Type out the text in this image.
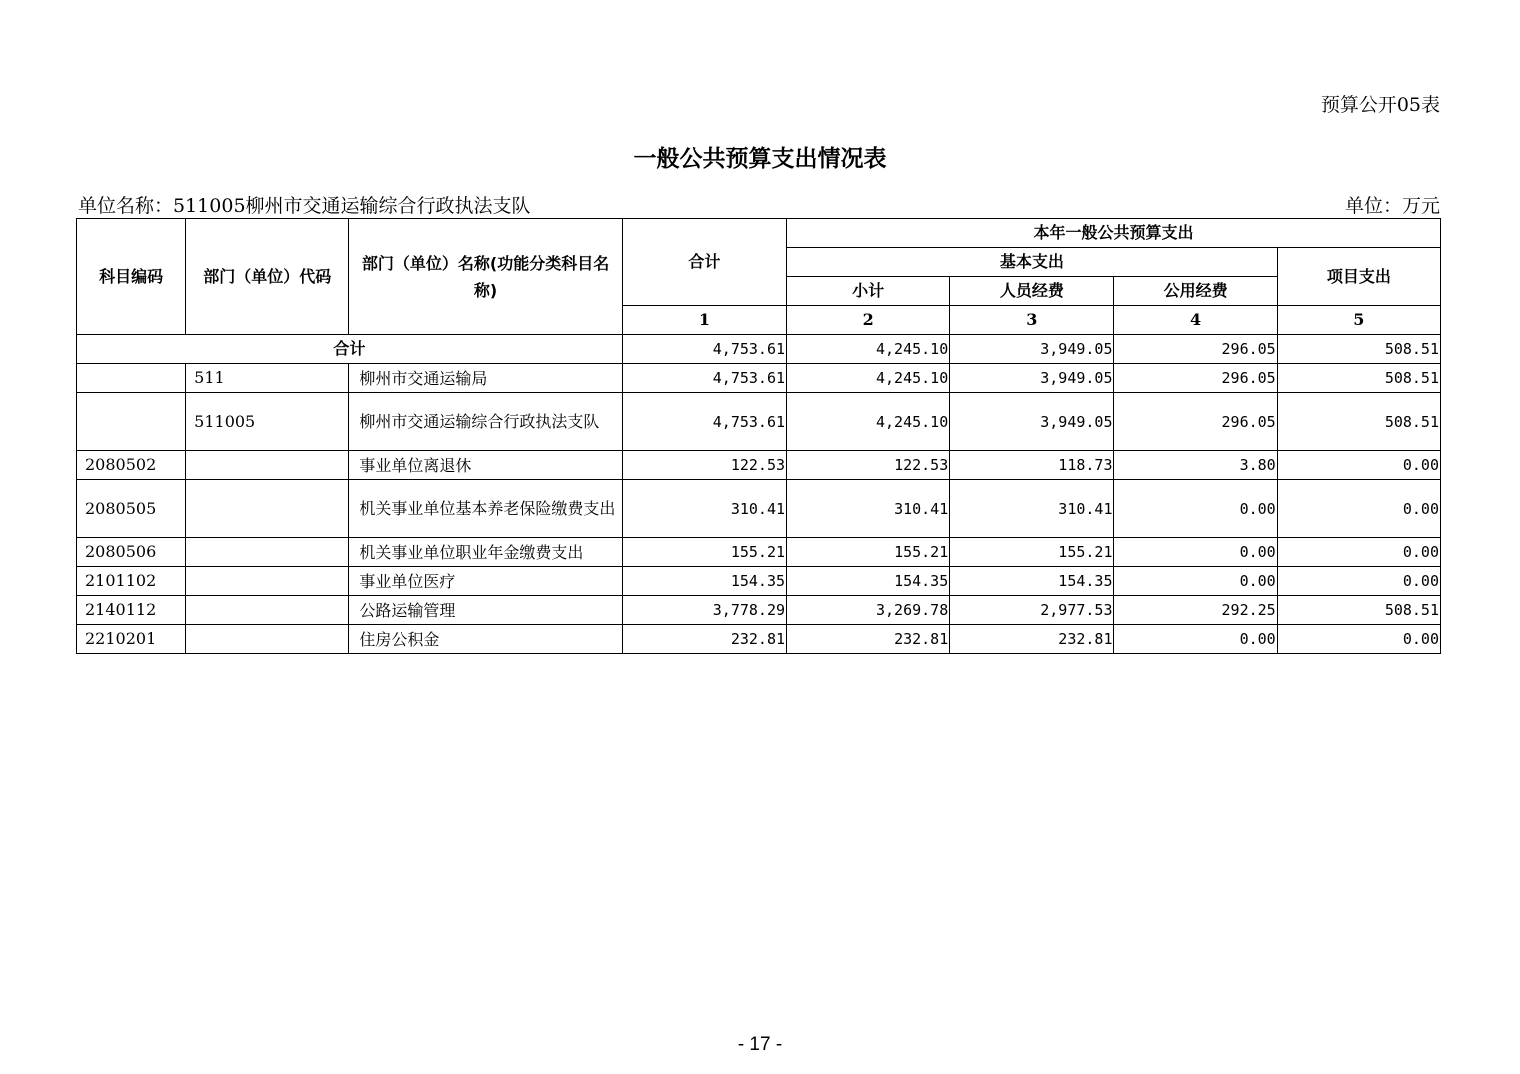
预算公开05表
一般公共预算支出情况表
单位名称：511005柳州市交通运输综合行政执法支队	单位：万元
科目编码	部门（单位）代码	部门（单位）名称(功能分类科目名称)	合计	本年一般公共预算支出			
				基本支出			项目支出
				小计	人员经费	公用经费	
			1	2	3	4	5
合计			4,753.61	4,245.10	3,949.05	296.05	508.51
	511	柳州市交通运输局	4,753.61	4,245.10	3,949.05	296.05	508.51
	511005	柳州市交通运输综合行政执法支队	4,753.61	4,245.10	3,949.05	296.05	508.51
2080502		事业单位离退休	122.53	122.53	118.73	3.80	0.00
2080505		机关事业单位基本养老保险缴费支出	310.41	310.41	310.41	0.00	0.00
2080506		机关事业单位职业年金缴费支出	155.21	155.21	155.21	0.00	0.00
2101102		事业单位医疗	154.35	154.35	154.35	0.00	0.00
2140112		公路运输管理	3,778.29	3,269.78	2,977.53	292.25	508.51
2210201		住房公积金	232.81	232.81	232.81	0.00	0.00
- 17 -
